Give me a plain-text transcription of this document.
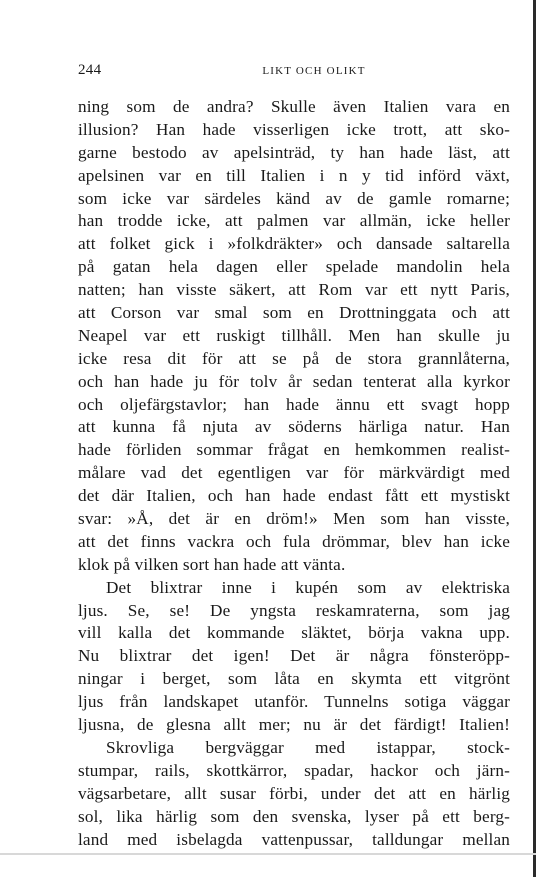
244	LIKT OCH OLIKT
ning som de andra? Skulle även Italien vara en
illusion? Han hade visserligen icke trott, att sko-
garne bestodo av apelsinträd, ty han hade läst, att
apelsinen var en till Italien i n y tid införd växt,
som icke var särdeles känd av de gamle romarne;
han trodde icke, att palmen var allmän, icke heller
att folket gick i »folkdräkter» och dansade saltarella
på gatan hela dagen eller spelade mandolin hela
natten; han visste säkert, att Rom var ett nytt Paris,
att Corson var smal som en Drottninggata och att
Neapel var ett ruskigt tillhåll. Men han skulle ju
icke resa dit för att se på de stora grannlåterna,
och han hade ju för tolv år sedan tenterat alla kyrkor
och oljefärgstavlor; han hade ännu ett svagt hopp
att kunna få njuta av söderns härliga natur. Han
hade förliden sommar frågat en hemkommen realist-
målare vad det egentligen var för märkvärdigt med
det där Italien, och han hade endast fått ett mystiskt
svar: »Å, det är en dröm!» Men som han visste,
att det finns vackra och fula drömmar, blev han icke
klok på vilken sort han hade att vänta.
Det blixtrar inne i kupén som av elektriska
ljus. Se, se! De yngsta reskamraterna, som jag
vill kalla det kommande släktet, börja vakna upp.
Nu blixtrar det igen! Det är några fönsteröpp-
ningar i berget, som låta en skymta ett vitgrönt
ljus från landskapet utanför. Tunnelns sotiga väggar
ljusna, de glesna allt mer; nu är det färdigt! Italien!
Skrovliga bergväggar med istappar, stock-
stumpar, rails, skottkärror, spadar, hackor och järn-
vägsarbetare, allt susar förbi, under det att en härlig
sol, lika härlig som den svenska, lyser på ett berg-
land med isbelagda vattenpussar, talldungar mellan
